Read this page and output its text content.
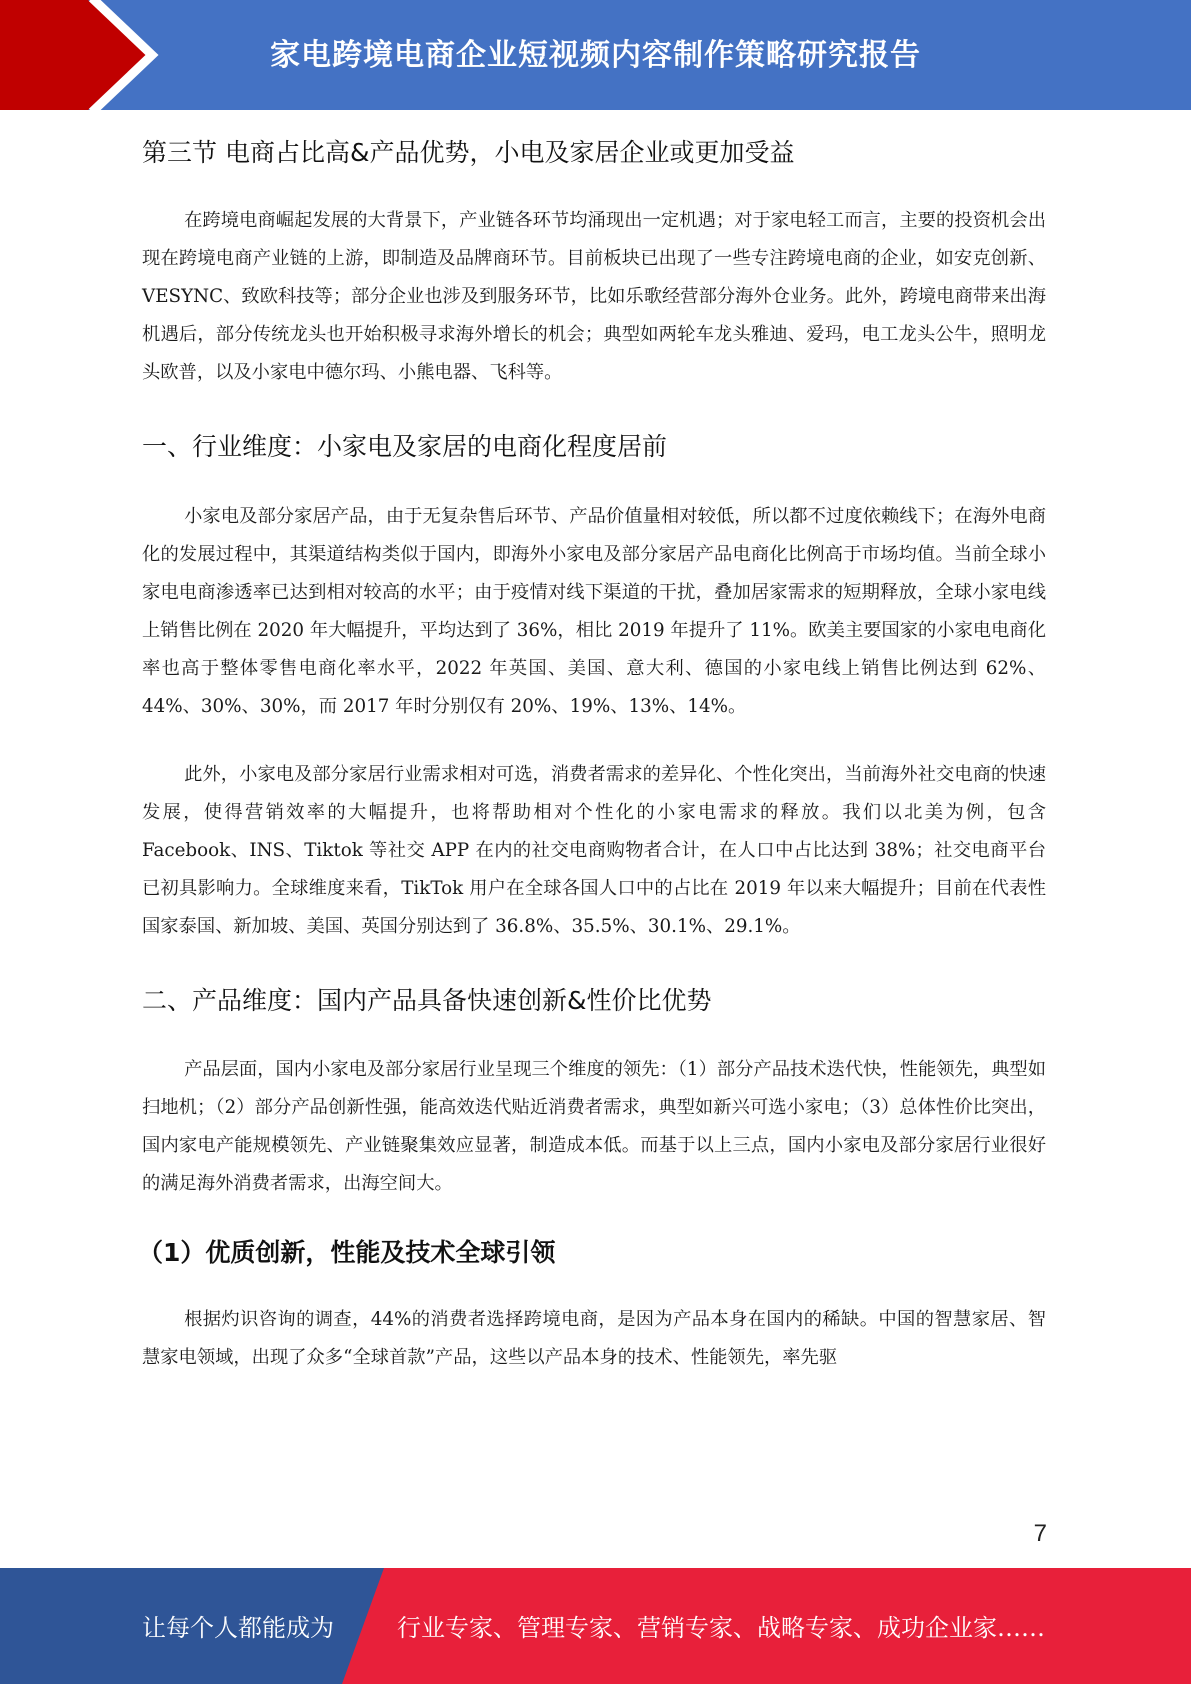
家电跨境电商企业短视频内容制作策略研究报告
第三节 电商占比高&产品优势，小电及家居企业或更加受益

在跨境电商崛起发展的大背景下，产业链各环节均涌现出一定机遇；对于家电轻工而言，主要的投资机会出现在跨境电商产业链的上游，即制造及品牌商环节。目前板块已出现了一些专注跨境电商的企业，如安克创新、VESYNC、致欧科技等；部分企业也涉及到服务环节，比如乐歌经营部分海外仓业务。此外，跨境电商带来出海机遇后，部分传统龙头也开始积极寻求海外增长的机会；典型如两轮车龙头雅迪、爱玛，电工龙头公牛，照明龙头欧普，以及小家电中德尔玛、小熊电器、飞科等。

一、行业维度：小家电及家居的电商化程度居前

小家电及部分家居产品，由于无复杂售后环节、产品价值量相对较低，所以都不过度依赖线下；在海外电商化的发展过程中，其渠道结构类似于国内，即海外小家电及部分家居产品电商化比例高于市场均值。当前全球小家电电商渗透率已达到相对较高的水平；由于疫情对线下渠道的干扰，叠加居家需求的短期释放，全球小家电线上销售比例在 2020 年大幅提升，平均达到了 36%，相比 2019 年提升了 11%。欧美主要国家的小家电电商化率也高于整体零售电商化率水平，2022 年英国、美国、意大利、德国的小家电线上销售比例达到 62%、44%、30%、30%，而 2017 年时分别仅有 20%、19%、13%、14%。

此外，小家电及部分家居行业需求相对可选，消费者需求的差异化、个性化突出，当前海外社交电商的快速发展，使得营销效率的大幅提升，也将帮助相对个性化的小家电需求的释放。我们以北美为例，包含 Facebook、INS、Tiktok 等社交 APP 在内的社交电商购物者合计，在人口中占比达到 38%；社交电商平台已初具影响力。全球维度来看，TikTok 用户在全球各国人口中的占比在 2019 年以来大幅提升；目前在代表性国家泰国、新加坡、美国、英国分别达到了 36.8%、35.5%、30.1%、29.1%。

二、产品维度：国内产品具备快速创新&性价比优势

产品层面，国内小家电及部分家居行业呈现三个维度的领先：（1）部分产品技术迭代快，性能领先，典型如扫地机；（2）部分产品创新性强，能高效迭代贴近消费者需求，典型如新兴可选小家电；（3）总体性价比突出，国内家电产能规模领先、产业链聚集效应显著，制造成本低。而基于以上三点，国内小家电及部分家居行业很好的满足海外消费者需求，出海空间大。

（1）优质创新，性能及技术全球引领

根据灼识咨询的调查，44%的消费者选择跨境电商，是因为产品本身在国内的稀缺。中国的智慧家居、智慧家电领域，出现了众多“全球首款”产品，这些以产品本身的技术、性能领先，率先驱

7
让每个人都能成为	行业专家、管理专家、营销专家、战略专家、成功企业家……
